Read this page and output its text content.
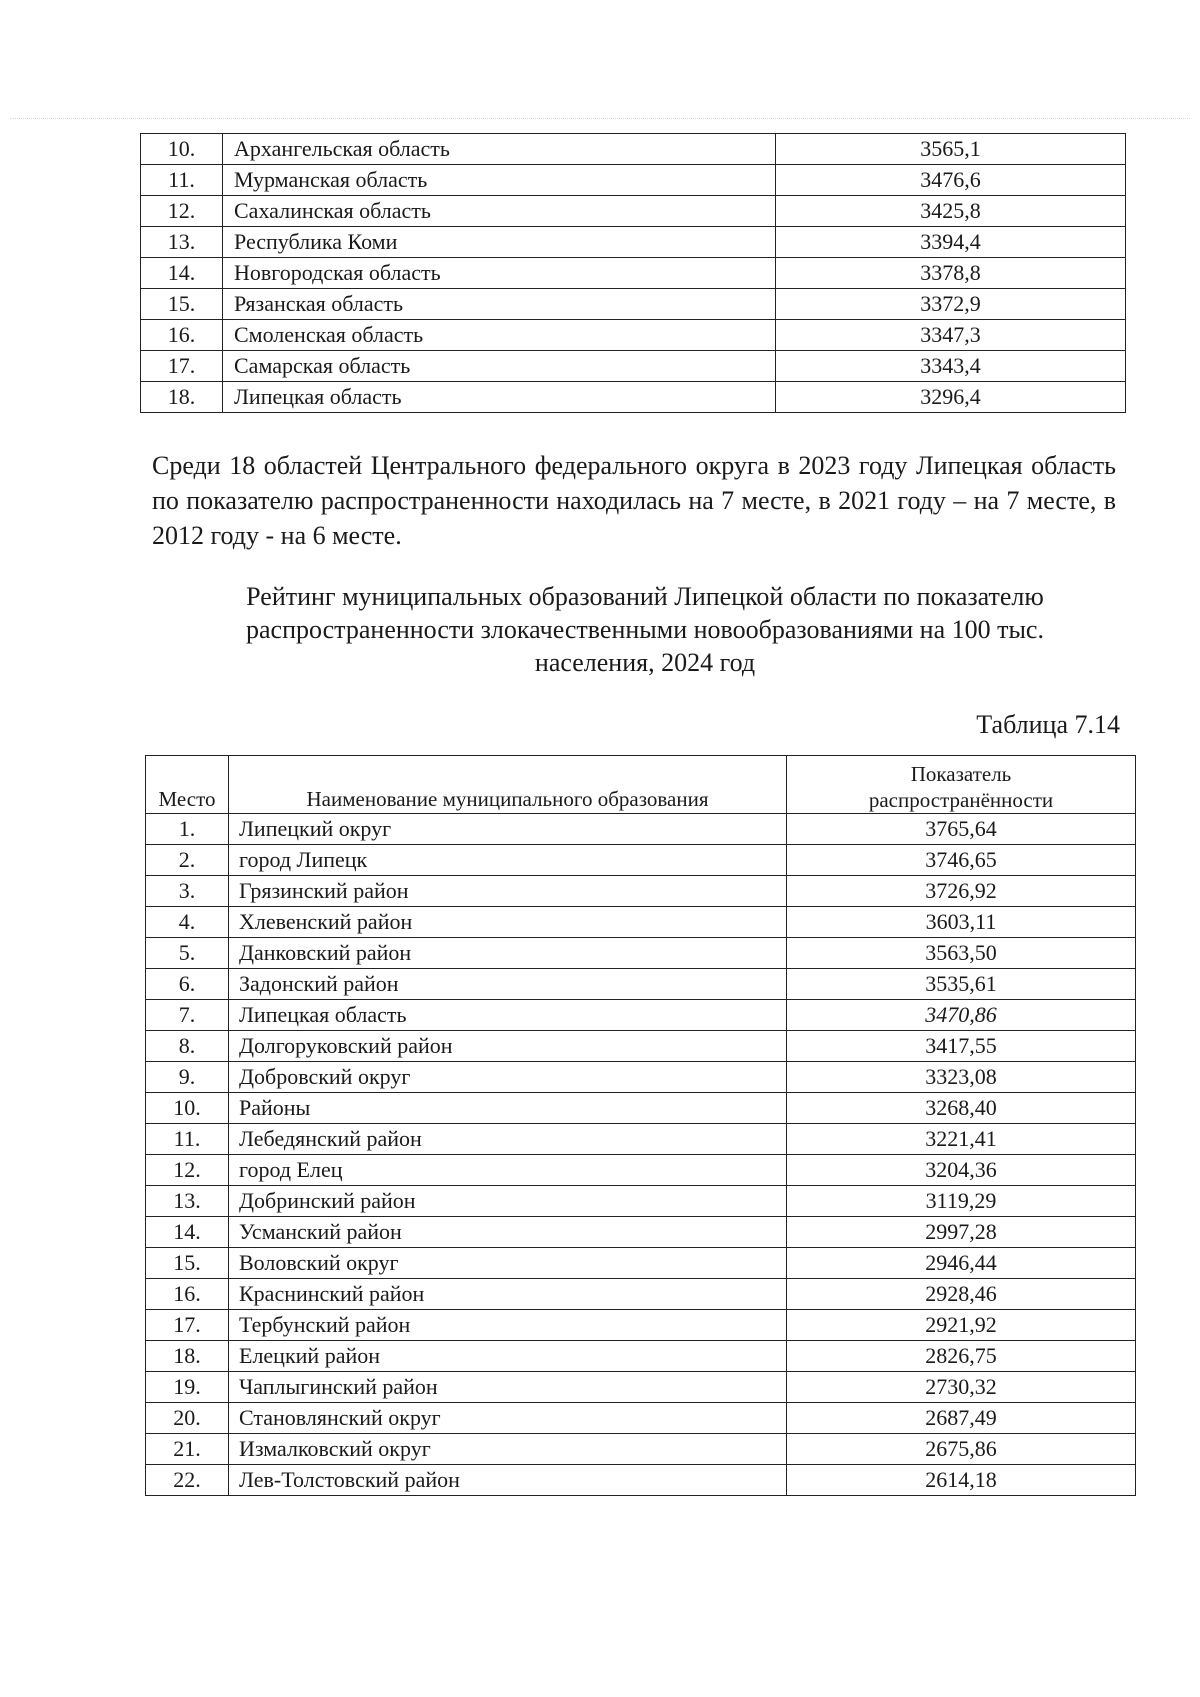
10.	Архангельская область	3565,1
11.	Мурманская область	3476,6
12.	Сахалинская область	3425,8
13.	Республика Коми	3394,4
14.	Новгородская область	3378,8
15.	Рязанская область	3372,9
16.	Смоленская область	3347,3
17.	Самарская область	3343,4
18.	Липецкая область	3296,4

Среди 18 областей Центрального федерального округа в 2023 году Липецкая область по показателю распространенности находилась на 7 месте, в 2021 году – на 7 месте, в 2012 году - на 6 месте.

Рейтинг муниципальных образований Липецкой области по показателю
распространенности злокачественными новообразованиями на 100 тыс.
населения, 2024 год

Таблица 7.14

Место	Наименование муниципального образования	Показатель
распространённости
1.	Липецкий округ	3765,64
2.	город Липецк	3746,65
3.	Грязинский район	3726,92
4.	Хлевенский район	3603,11
5.	Данковский район	3563,50
6.	Задонский район	3535,61
7.	Липецкая область	3470,86
8.	Долгоруковский район	3417,55
9.	Добровский округ	3323,08
10.	Районы	3268,40
11.	Лебедянский район	3221,41
12.	город Елец	3204,36
13.	Добринский район	3119,29
14.	Усманский район	2997,28
15.	Воловский округ	2946,44
16.	Краснинский район	2928,46
17.	Тербунский район	2921,92
18.	Елецкий район	2826,75
19.	Чаплыгинский район	2730,32
20.	Становлянский округ	2687,49
21.	Измалковский округ	2675,86
22.	Лев-Толстовский район	2614,18
